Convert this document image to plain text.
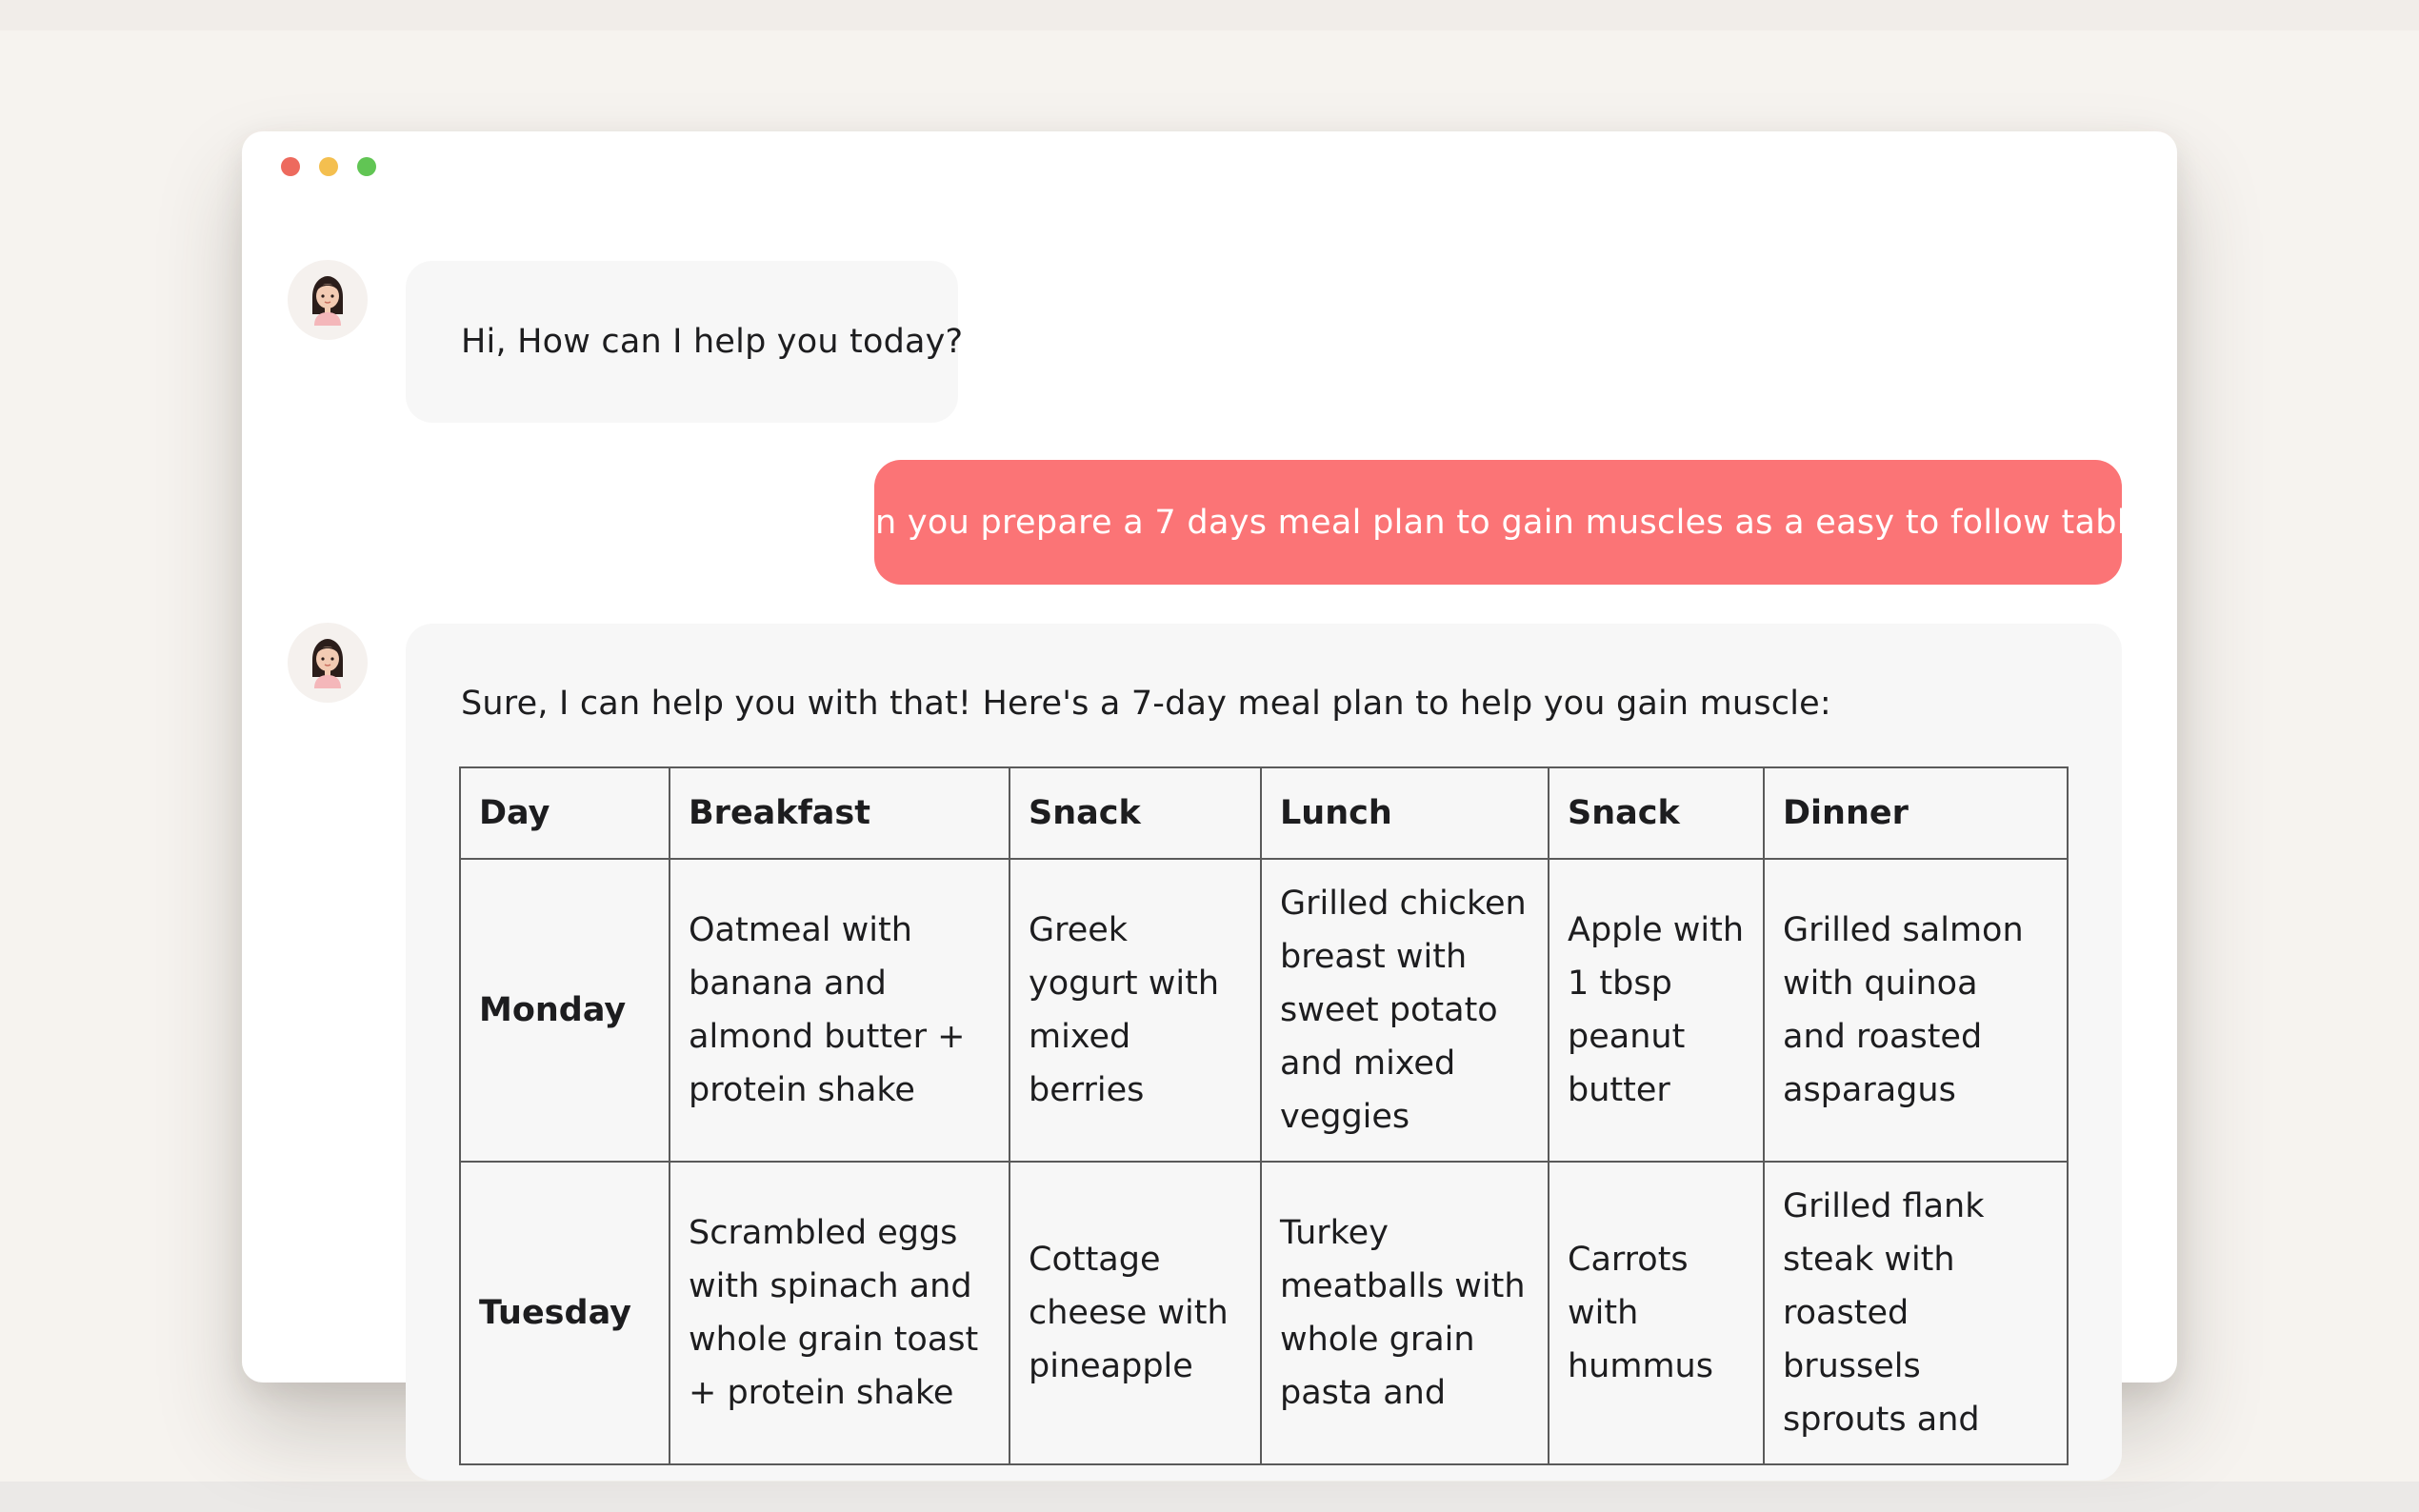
Hi, How can I help you today?
Can you prepare a 7 days meal plan to gain muscles as a easy to follow table?
Sure, I can help you with that! Here's a 7-day meal plan to help you gain muscle:
Day	Breakfast	Snack	Lunch	Snack	Dinner
Monday	Oatmeal with banana and almond butter + protein shake	Greek yogurt with mixed berries	Grilled chicken breast with sweet potato and mixed veggies	Apple with 1 tbsp peanut butter	Grilled salmon with quinoa and roasted asparagus
Tuesday	Scrambled eggs with spinach and whole grain toast + protein shake	Cottage cheese with pineapple	Turkey meatballs with whole grain pasta and	Carrots with hummus	Grilled flank steak with roasted brussels sprouts and
